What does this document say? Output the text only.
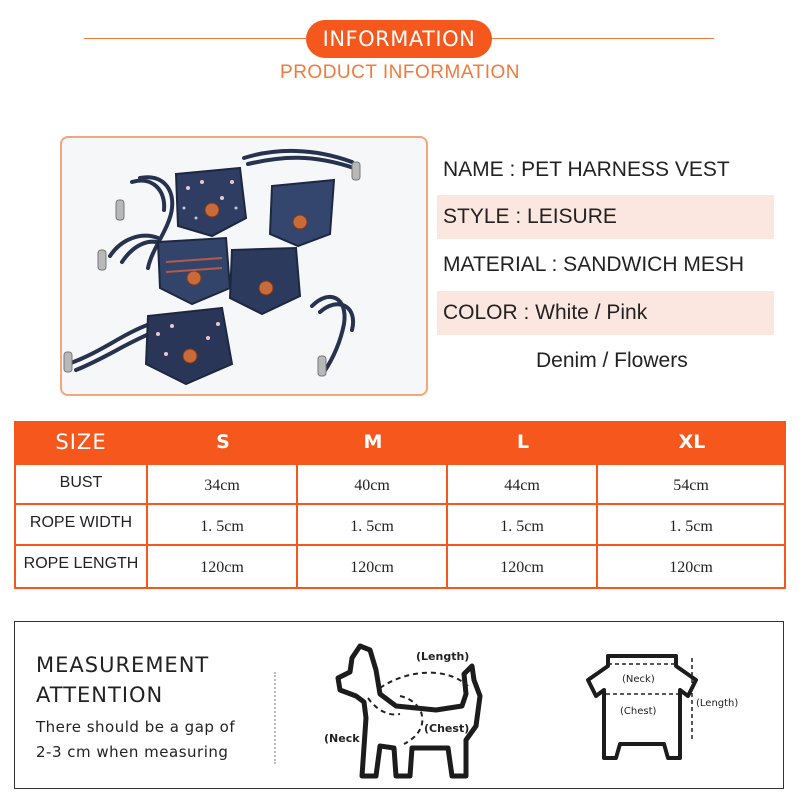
INFORMATION
PRODUCT INFORMATION
NAME : PET HARNESS VEST
STYLE : LEISURE
MATERIAL : SANDWICH MESH
COLOR : White / Pink
Denim / Flowers
SIZE	S	M	L	XL
BUST	34cm	40cm	44cm	54cm
ROPE WIDTH	1. 5cm	1. 5cm	1. 5cm	1. 5cm
ROPE LENGTH	120cm	120cm	120cm	120cm
MEASUREMENT
ATTENTION
There should be a gap of
2-3 cm when measuring
(Length)
(Chest)
(Neck
(Neck)
(Chest)
(Length)
